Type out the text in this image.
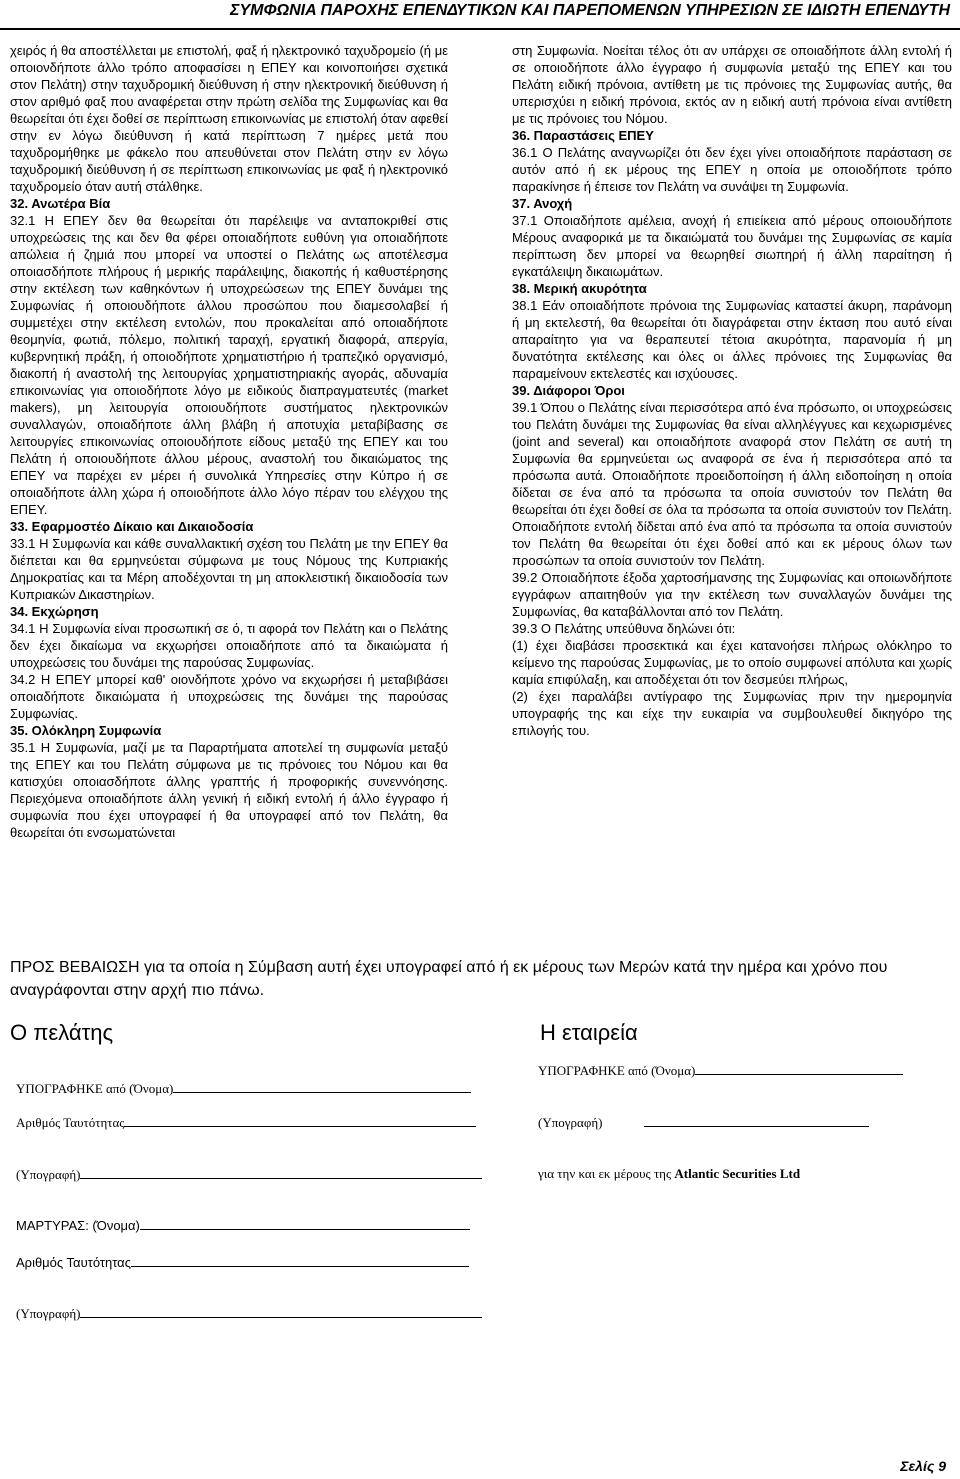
ΣΥΜΦΩΝΙΑ ΠΑΡΟΧΗΣ ΕΠΕΝΔΥΤΙΚΩΝ ΚΑΙ ΠΑΡΕΠΟΜΕΝΩΝ ΥΠΗΡΕΣΙΩΝ ΣΕ ΙΔΙΩΤΗ ΕΠΕΝΔΥΤΗ

χειρός ή θα αποστέλλεται με επιστολή, φαξ ή ηλεκτρονικό ταχυδρομείο (ή με οποιονδήποτε άλλο τρόπο αποφασίσει η ΕΠΕΥ και κοινοποιήσει σχετικά στον Πελάτη) στην ταχυδρομική διεύθυνση ή στην ηλεκτρονική διεύθυνση ή στον αριθμό φαξ που αναφέρεται στην πρώτη σελίδα της Συμφωνίας και θα θεωρείται ότι έχει δοθεί σε περίπτωση επικοινωνίας με επιστολή όταν αφεθεί στην εν λόγω διεύθυνση ή κατά περίπτωση 7 ημέρες μετά που ταχυδρομήθηκε με φάκελο που απευθύνεται στον Πελάτη στην εν λόγω ταχυδρομική διεύθυνση ή σε περίπτωση επικοινωνίας με φαξ ή ηλεκτρονικό ταχυδρομείο όταν αυτή στάλθηκε.

32. Ανωτέρα Βία

32.1 Η ΕΠΕΥ δεν θα θεωρείται ότι παρέλειψε να ανταποκριθεί στις υποχρεώσεις της και δεν θα φέρει οποιαδήποτε ευθύνη για οποιαδήποτε απώλεια ή ζημιά που μπορεί να υποστεί ο Πελάτης ως αποτέλεσμα οποιασδήποτε πλήρους ή μερικής παράλειψης, διακοπής ή καθυστέρησης στην εκτέλεση των καθηκόντων ή υποχρεώσεων της ΕΠΕΥ δυνάμει της Συμφωνίας ή οποιουδήποτε άλλου προσώπου που διαμεσολαβεί ή συμμετέχει στην εκτέλεση εντολών, που προκαλείται από οποιαδήποτε θεομηνία, φωτιά, πόλεμο, πολιτική ταραχή, εργατική διαφορά, απεργία, κυβερνητική πράξη, ή οποιοδήποτε χρηματιστήριο ή τραπεζικό οργανισμό, διακοπή ή αναστολή της λειτουργίας χρηματιστηριακής αγοράς, αδυναμία επικοινωνίας για οποιοδήποτε λόγο με ειδικούς διαπραγματευτές (market makers), μη λειτουργία οποιουδήποτε συστήματος ηλεκτρονικών συναλλαγών, οποιαδήποτε άλλη βλάβη ή αποτυχία μεταβίβασης σε λειτουργίες επικοινωνίας οποιουδήποτε είδους μεταξύ της ΕΠΕΥ και του Πελάτη ή οποιουδήποτε άλλου μέρους, αναστολή του δικαιώματος της ΕΠΕΥ να παρέχει εν μέρει ή συνολικά Υπηρεσίες στην Κύπρο ή σε οποιαδήποτε άλλη χώρα ή οποιοδήποτε άλλο λόγο πέραν του ελέγχου της ΕΠΕΥ.

33. Εφαρμοστέο Δίκαιο και Δικαιοδοσία

33.1 Η Συμφωνία και κάθε συναλλακτική σχέση του Πελάτη με την ΕΠΕΥ θα διέπεται και θα ερμηνεύεται σύμφωνα με τους Νόμους της Κυπριακής Δημοκρατίας και τα Μέρη αποδέχονται τη μη αποκλειστική δικαιοδοσία των Κυπριακών Δικαστηρίων.

34. Εκχώρηση

34.1 Η Συμφωνία είναι προσωπική σε ό, τι αφορά τον Πελάτη και ο Πελάτης δεν έχει δικαίωμα να εκχωρήσει οποιαδήποτε από τα δικαιώματα ή υποχρεώσεις του δυνάμει της παρούσας Συμφωνίας.

34.2 Η ΕΠΕΥ μπορεί καθ' οιονδήποτε χρόνο να εκχωρήσει ή μεταβιβάσει οποιαδήποτε δικαιώματα ή υποχρεώσεις της δυνάμει της παρούσας Συμφωνίας.

35. Ολόκληρη Συμφωνία

35.1 Η Συμφωνία, μαζί με τα Παραρτήματα αποτελεί τη συμφωνία μεταξύ της ΕΠΕΥ και του Πελάτη σύμφωνα με τις πρόνοιες του Νόμου και θα κατισχύει οποιασδήποτε άλλης γραπτής ή προφορικής συνεννόησης. Περιεχόμενα οποιαδήποτε άλλη γενική ή ειδική εντολή ή άλλο έγγραφο ή συμφωνία που έχει υπογραφεί ή θα υπογραφεί από τον Πελάτη, θα θεωρείται ότι ενσωματώνεται

στη Συμφωνία. Νοείται τέλος ότι αν υπάρχει σε οποιαδήποτε άλλη εντολή ή σε οποιοδήποτε άλλο έγγραφο ή συμφωνία μεταξύ της ΕΠΕΥ και του Πελάτη ειδική πρόνοια, αντίθετη με τις πρόνοιες της Συμφωνίας αυτής, θα υπερισχύει η ειδική πρόνοια, εκτός αν η ειδική αυτή πρόνοια είναι αντίθετη με τις πρόνοιες του Νόμου.

36. Παραστάσεις ΕΠΕΥ

36.1 Ο Πελάτης αναγνωρίζει ότι δεν έχει γίνει οποιαδήποτε παράσταση σε αυτόν από ή εκ μέρους της ΕΠΕΥ η οποία με οποιοδήποτε τρόπο παρακίνησε ή έπεισε τον Πελάτη να συνάψει τη Συμφωνία.

37. Ανοχή

37.1 Οποιαδήποτε αμέλεια, ανοχή ή επιείκεια από μέρους οποιουδήποτε Μέρους αναφορικά με τα δικαιώματά του δυνάμει της Συμφωνίας σε καμία περίπτωση δεν μπορεί να θεωρηθεί σιωπηρή ή άλλη παραίτηση ή εγκατάλειψη δικαιωμάτων.

38. Μερική ακυρότητα

38.1 Εάν οποιαδήποτε πρόνοια της Συμφωνίας καταστεί άκυρη, παράνομη ή μη εκτελεστή, θα θεωρείται ότι διαγράφεται στην έκταση που αυτό είναι απαραίτητο για να θεραπευτεί τέτοια ακυρότητα, παρανομία ή μη δυνατότητα εκτέλεσης και όλες οι άλλες πρόνοιες της Συμφωνίας θα παραμείνουν εκτελεστές και ισχύουσες.

39. Διάφοροι Όροι

39.1 Όπου ο Πελάτης είναι περισσότερα από ένα πρόσωπο, οι υποχρεώσεις του Πελάτη δυνάμει της Συμφωνίας θα είναι αλληλέγγυες και κεχωρισμένες (joint and several) και οποιαδήποτε αναφορά στον Πελάτη σε αυτή τη Συμφωνία θα ερμηνεύεται ως αναφορά σε ένα ή περισσότερα από τα πρόσωπα αυτά. Οποιαδήποτε προειδοποίηση ή άλλη ειδοποίηση η οποία δίδεται σε ένα από τα πρόσωπα τα οποία συνιστούν τον Πελάτη θα θεωρείται ότι έχει δοθεί σε όλα τα πρόσωπα τα οποία συνιστούν τον Πελάτη. Οποιαδήποτε εντολή δίδεται από ένα από τα πρόσωπα τα οποία συνιστούν τον Πελάτη θα θεωρείται ότι έχει δοθεί από και εκ μέρους όλων των προσώπων τα οποία συνιστούν τον Πελάτη.

39.2 Οποιαδήποτε έξοδα χαρτοσήμανσης της Συμφωνίας και οποιωνδήποτε εγγράφων απαιτηθούν για την εκτέλεση των συναλλαγών δυνάμει της Συμφωνίας, θα καταβάλλονται από τον Πελάτη.

39.3 Ο Πελάτης υπεύθυνα δηλώνει ότι:

(1) έχει διαβάσει προσεκτικά και έχει κατανοήσει πλήρως ολόκληρο το κείμενο της παρούσας Συμφωνίας, με το οποίο συμφωνεί απόλυτα και χωρίς καμία επιφύλαξη, και αποδέχεται ότι τον δεσμεύει πλήρως,

(2) έχει παραλάβει αντίγραφο της Συμφωνίας πριν την ημερομηνία υπογραφής της και είχε την ευκαιρία να συμβουλευθεί δικηγόρο της επιλογής του.

ΠΡΟΣ ΒΕΒΑΙΩΣΗ για τα οποία η Σύμβαση αυτή έχει υπογραφεί από ή εκ μέρους των Μερών κατά την ημέρα και χρόνο που αναγράφονται στην αρχή πιο πάνω.
Ο πελάτης	Η εταιρεία
ΥΠΟΓΡΑΦΗΚΕ από (Όνομα)
Αριθμός Ταυτότητας
(Υπογραφή)
ΥΠΟΓΡΑΦΗΚΕ από (Όνομα)
(Υπογραφή)
για την και εκ μέρους της Atlantic Securities Ltd
ΜΑΡΤΥΡΑΣ: (Όνομα)
Αριθμός Ταυτότητας
(Υπογραφή)
Σελίς 9
